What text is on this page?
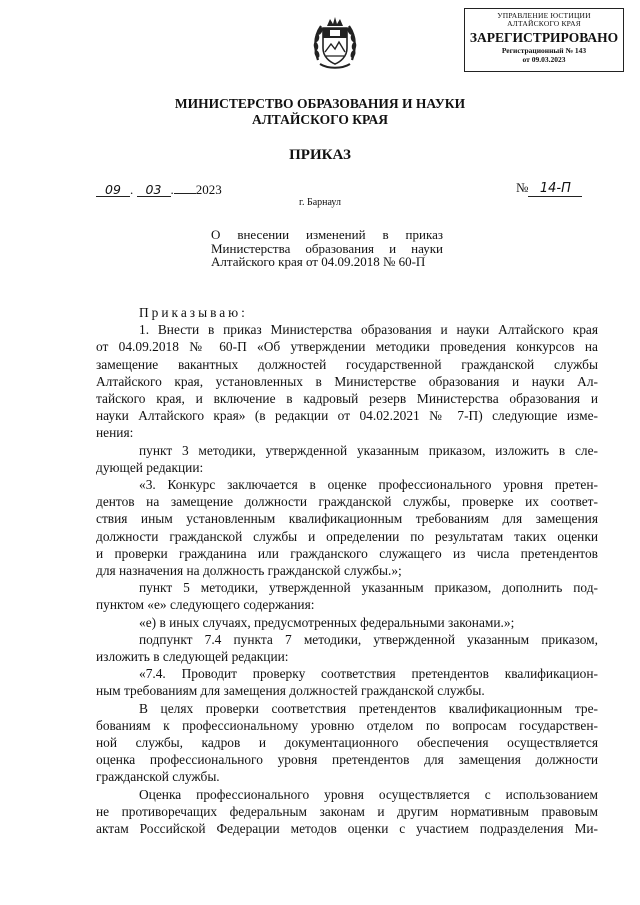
УПРАВЛЕНИЕ ЮСТИЦИИ
АЛТАЙСКОГО КРАЯ
ЗАРЕГИСТРИРОВАНО
Регистрационный № 143
от 09.03.2023
МИНИСТЕРСТВО ОБРАЗОВАНИЯ И НАУКИ
АЛТАЙСКОГО КРАЯ
ПРИКАЗ
09 . 03 . 2023	№ 14-П
г. Барнаул
О внесении изменений в приказ
Министерства образования и науки
Алтайского края от 04.09.2018 № 60-П

Приказываю:

1. Внести в приказ Министерства образования и науки Алтайского края

от 04.09.2018 № 60-П «Об утверждении методики проведения конкурсов на

замещение вакантных должностей государственной гражданской службы

Алтайского края, установленных в Министерстве образования и науки Ал-

тайского края, и включение в кадровый резерв Министерства образования и

науки Алтайского края» (в редакции от 04.02.2021 № 7-П) следующие изме-

нения:

пункт 3 методики, утвержденной указанным приказом, изложить в сле-

дующей редакции:

«3. Конкурс заключается в оценке профессионального уровня претен-

дентов на замещение должности гражданской службы, проверке их соответ-

ствия иным установленным квалификационным требованиям для замещения

должности гражданской службы и определении по результатам таких оценки

и проверки гражданина или гражданского служащего из числа претендентов

для назначения на должность гражданской службы.»;

пункт 5 методики, утвержденной указанным приказом, дополнить под-

пунктом «е» следующего содержания:

«е) в иных случаях, предусмотренных федеральными законами.»;

подпункт 7.4 пункта 7 методики, утвержденной указанным приказом,

изложить в следующей редакции:

«7.4. Проводит проверку соответствия претендентов квалификацион-

ным требованиям для замещения должностей гражданской службы.

В целях проверки соответствия претендентов квалификационным тре-

бованиям к профессиональному уровню отделом по вопросам государствен-

ной службы, кадров и документационного обеспечения осуществляется

оценка профессионального уровня претендентов для замещения должности

гражданской службы.

Оценка профессионального уровня осуществляется с использованием

не противоречащих федеральным законам и другим нормативным правовым

актам Российской Федерации методов оценки с участием подразделения Ми-
